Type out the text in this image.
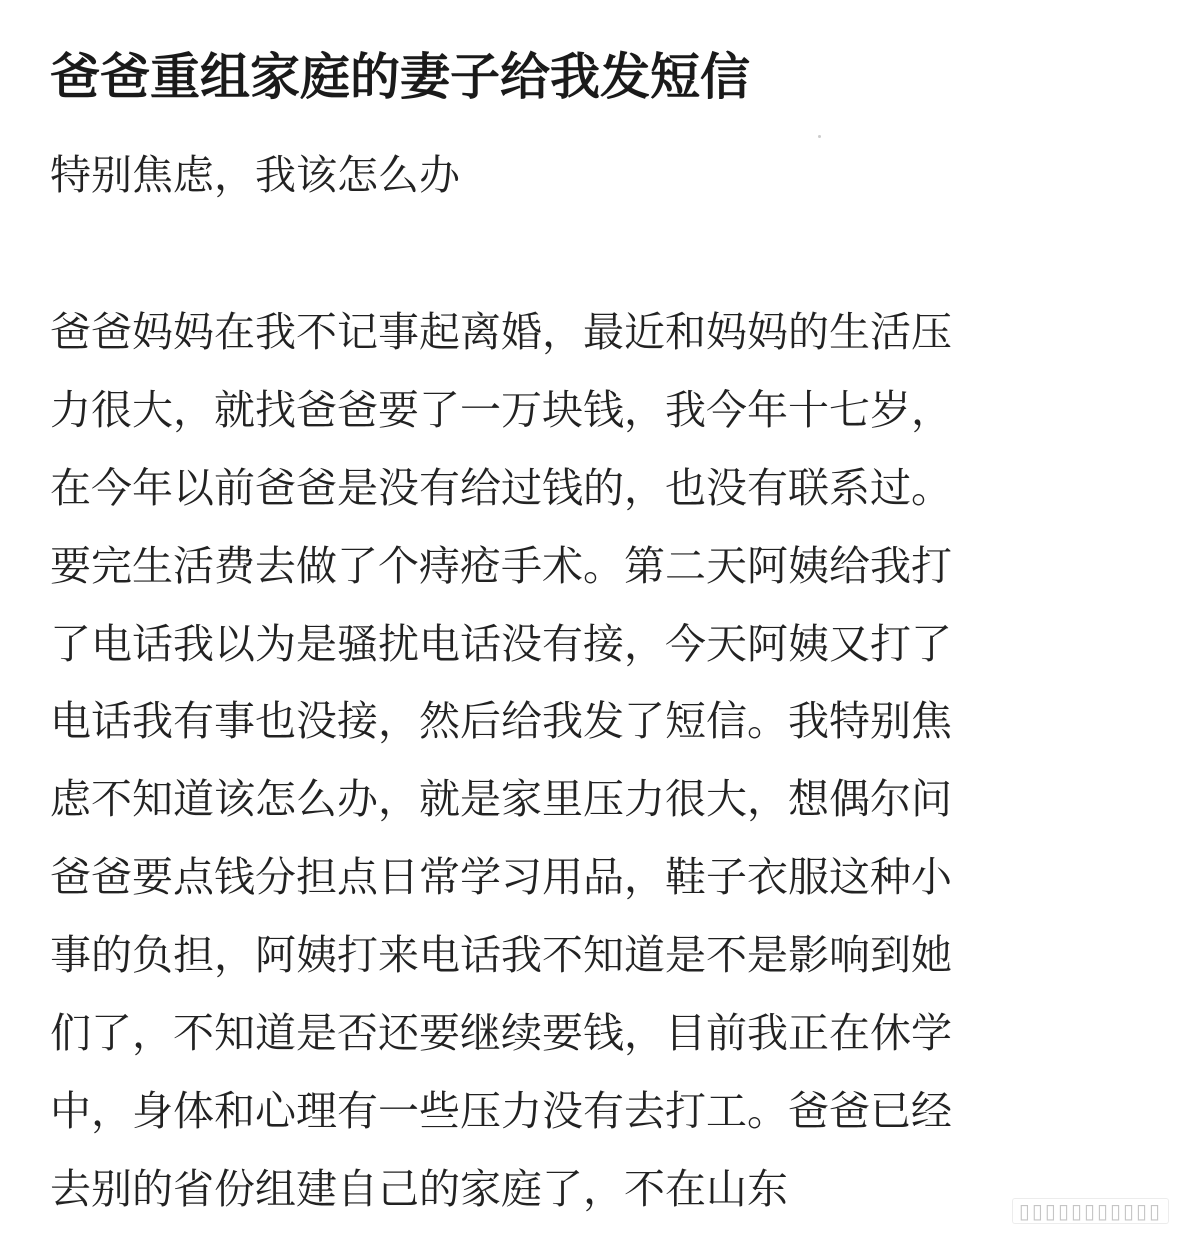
爸爸重组家庭的妻子给我发短信
特别焦虑，我该怎么办
爸爸妈妈在我不记事起离婚，最近和妈妈的生活压
力很大，就找爸爸要了一万块钱，我今年十七岁，
在今年以前爸爸是没有给过钱的，也没有联系过。
要完生活费去做了个痔疮手术。第二天阿姨给我打
了电话我以为是骚扰电话没有接，今天阿姨又打了
电话我有事也没接，然后给我发了短信。我特别焦
虑不知道该怎么办，就是家里压力很大，想偶尔问
爸爸要点钱分担点日常学习用品，鞋子衣服这种小
事的负担，阿姨打来电话我不知道是不是影响到她
们了，不知道是否还要继续要钱，目前我正在休学
中，身体和心理有一些压力没有去打工。爸爸已经
去别的省份组建自己的家庭了，不在山东	▯▯▯▯▯▯▯▯▯▯▯
